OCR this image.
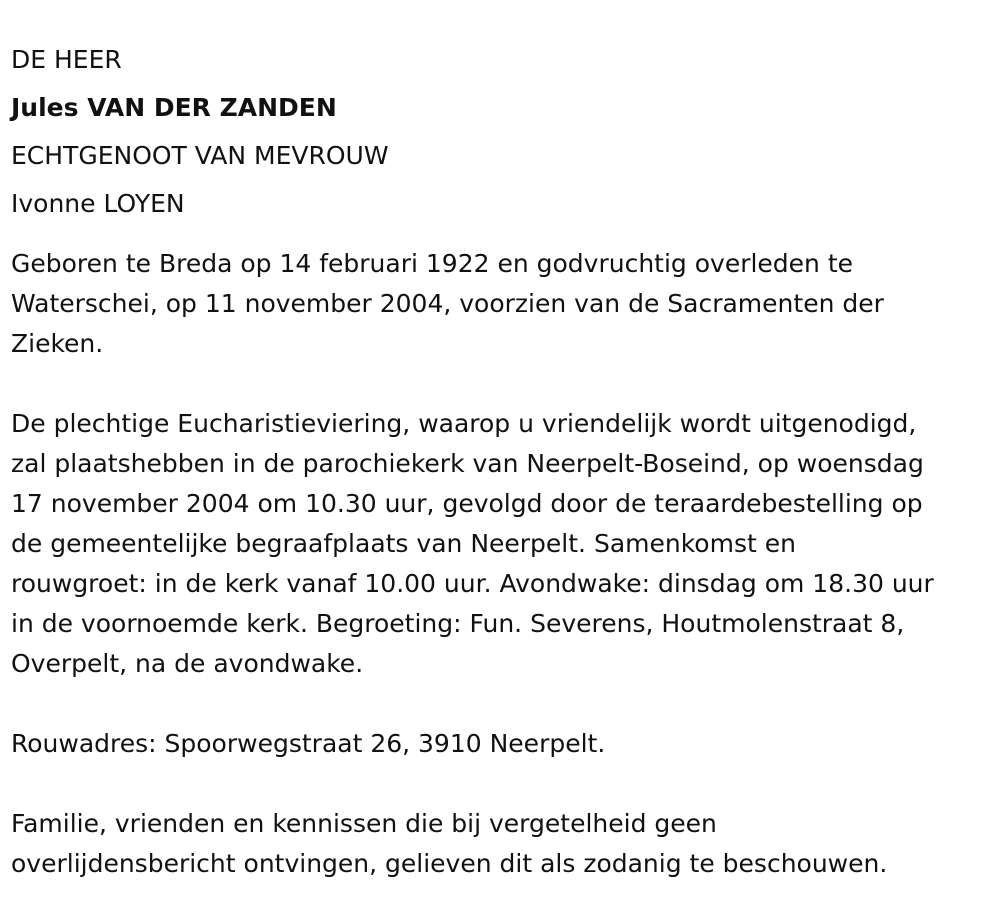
DE HEER

Jules VAN DER ZANDEN

ECHTGENOOT VAN MEVROUW

Ivonne LOYEN

Geboren te Breda op 14 februari 1922 en godvruchtig overleden te

Waterschei, op 11 november 2004, voorzien van de Sacramenten der

Zieken.

De plechtige Eucharistieviering, waarop u vriendelijk wordt uitgenodigd,

zal plaatshebben in de parochiekerk van Neerpelt-Boseind, op woensdag

17 november 2004 om 10.30 uur, gevolgd door de teraardebestelling op

de gemeentelijke begraafplaats van Neerpelt. Samenkomst en

rouwgroet: in de kerk vanaf 10.00 uur. Avondwake: dinsdag om 18.30 uur

in de voornoemde kerk. Begroeting: Fun. Severens, Houtmolenstraat 8,

Overpelt, na de avondwake.

Rouwadres: Spoorwegstraat 26, 3910 Neerpelt.

Familie, vrienden en kennissen die bij vergetelheid geen

overlijdensbericht ontvingen, gelieven dit als zodanig te beschouwen.
